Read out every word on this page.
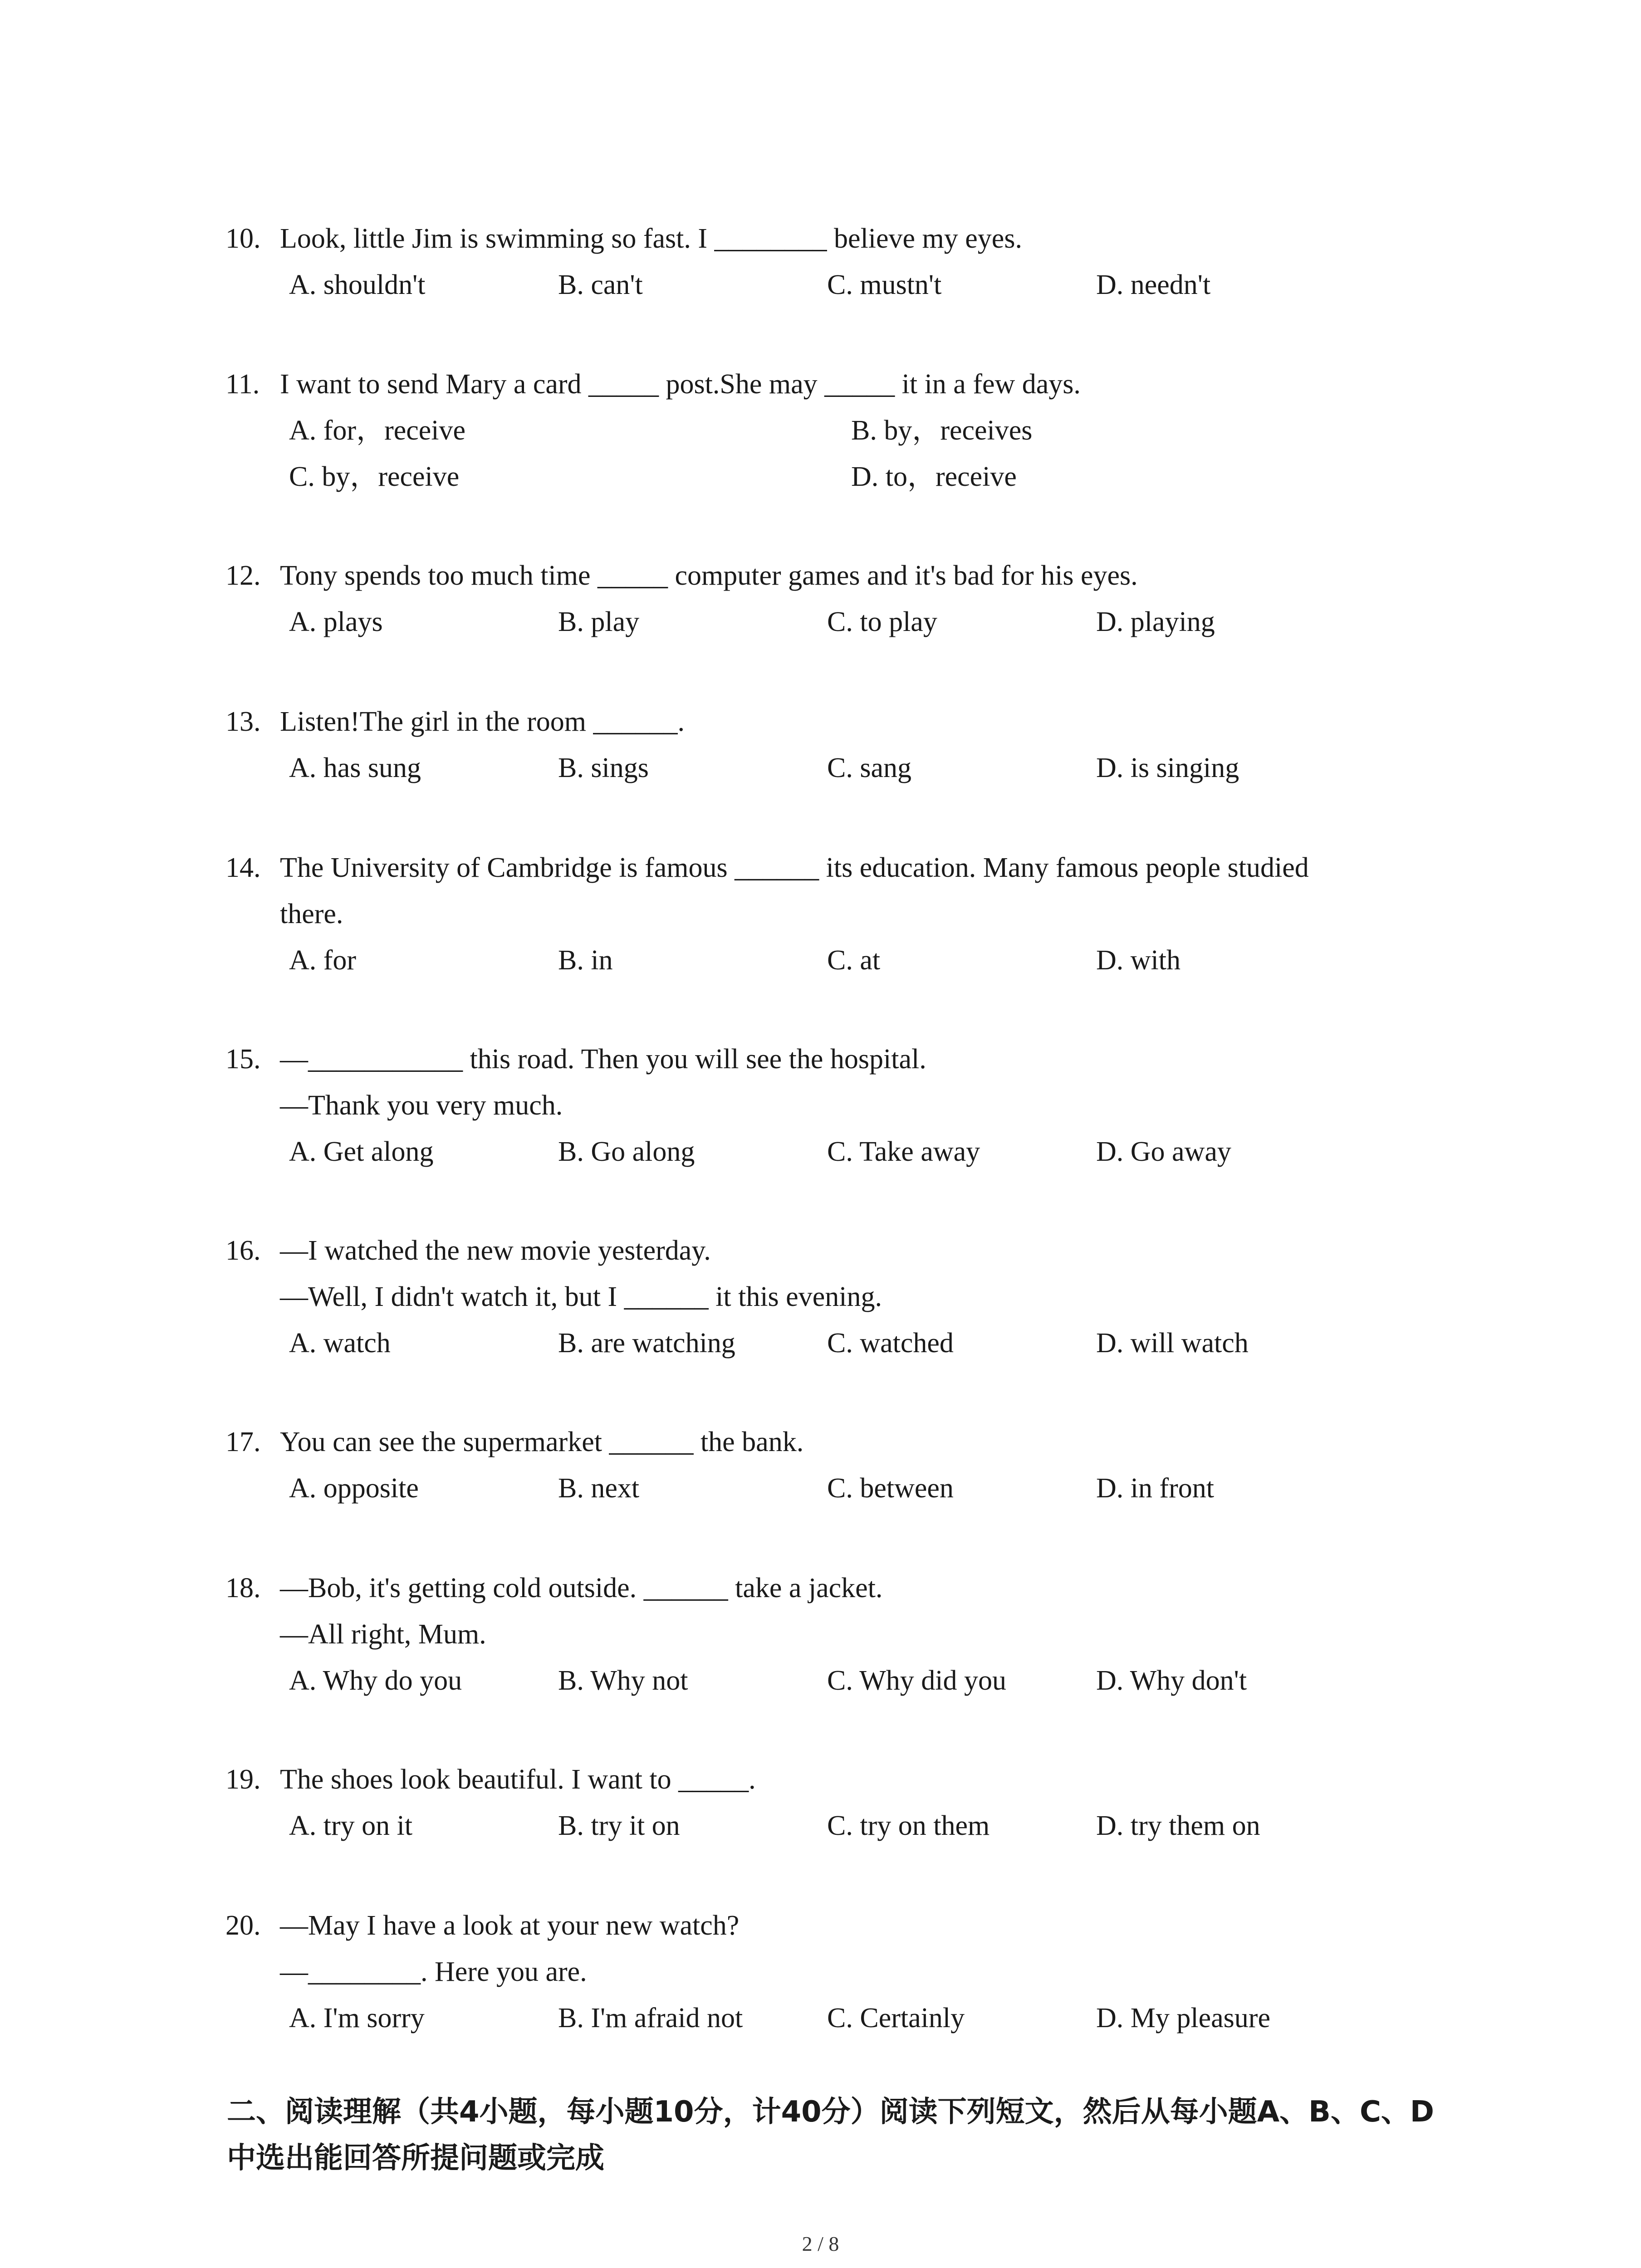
10. Look, little Jim is swimming so fast. I ________ believe my eyes.
A. shouldn't	B. can't	C. mustn't	D. needn't
11. I want to send Mary a card _____ post.She may _____ it in a few days.
A. for，receive	B. by，receives
C. by，receive	D. to，receive
12. Tony spends too much time _____ computer games and it's bad for his eyes.
A. plays	B. play	C. to play	D. playing
13. Listen!The girl in the room ______.
A. has sung	B. sings	C. sang	D. is singing
14. The University of Cambridge is famous ______ its education. Many famous people studied
there.
A. for	B. in	C. at	D. with
15. —___________ this road. Then you will see the hospital.
—Thank you very much.
A. Get along	B. Go along	C. Take away	D. Go away
16. —I watched the new movie yesterday.
—Well, I didn't watch it, but I ______ it this evening.
A. watch	B. are watching	C. watched	D. will watch
17. You can see the supermarket ______ the bank.
A. opposite	B. next	C. between	D. in front
18. —Bob, it's getting cold outside. ______ take a jacket.
—All right, Mum.
A. Why do you	B. Why not	C. Why did you	D. Why don't
19. The shoes look beautiful. I want to _____.
A. try on it	B. try it on	C. try on them	D. try them on
20. —May I have a look at your new watch?
—________. Here you are.
A. I'm sorry	B. I'm afraid not	C. Certainly	D. My pleasure
二、阅读理解（共4小题，每小题10分，计40分）阅读下列短文，然后从每小题A、B、C、D中选出能回答所提问题或完成
2 / 8
